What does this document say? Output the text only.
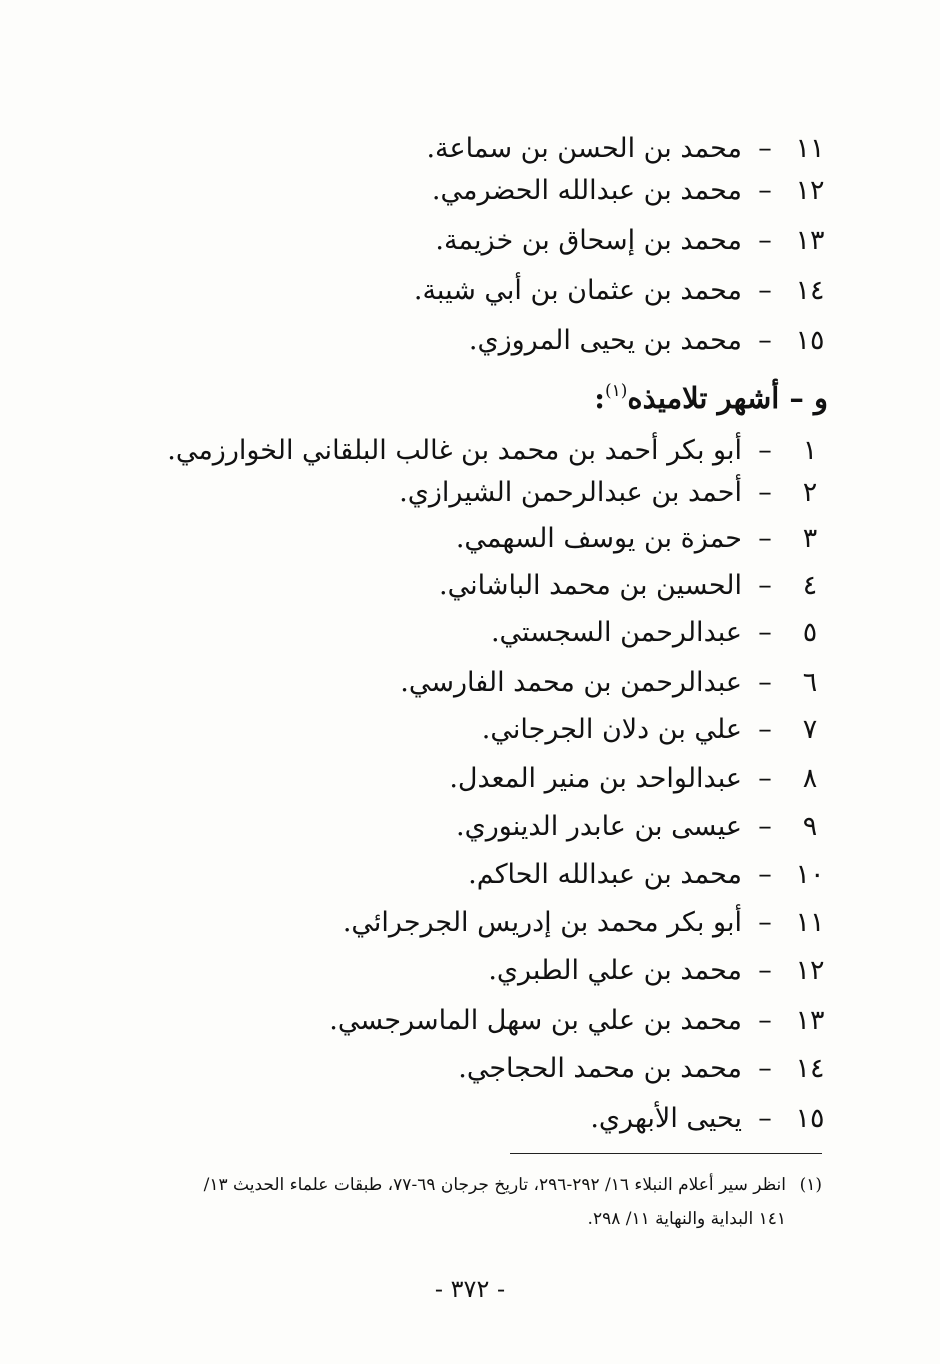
١١
–
محمد بن الحسن بن سماعة.
١٢
–
محمد بن عبدالله الحضرمي.
١٣
–
محمد بن إسحاق بن خزيمة.
١٤
–
محمد بن عثمان بن أبي شيبة.
١٥
–
محمد بن يحيى المروزي.
و – أشهر تلاميذه$^{(١)}$:
١
–
أبو بكر أحمد بن محمد بن غالب البلقاني الخوارزمي.
٢
–
أحمد بن عبدالرحمن الشيرازي.
٣
–
حمزة بن يوسف السهمي.
٤
–
الحسين بن محمد الباشاني.
٥
–
عبدالرحمن السجستي.
٦
–
عبدالرحمن بن محمد الفارسي.
٧
–
علي بن دلان الجرجاني.
٨
–
عبدالواحد بن منير المعدل.
٩
–
عيسى بن عابدر الدينوري.
١٠
–
محمد بن عبدالله الحاكم.
١١
–
أبو بكر محمد بن إدريس الجرجرائي.
١٢
–
محمد بن علي الطبري.
١٣
–
محمد بن علي بن سهل الماسرجسي.
١٤
–
محمد بن محمد الحجاجي.
١٥
–
يحيى الأبهري.
(١)انظر سير أعلام النبلاء ١٦/ ٢٩٢-٢٩٦، تاريخ جرجان ٦٩-٧٧، طبقات علماء الحديث ١٣/
١٤١ البداية والنهاية ١١/ ٢٩٨.
- ٣٧٢ -
